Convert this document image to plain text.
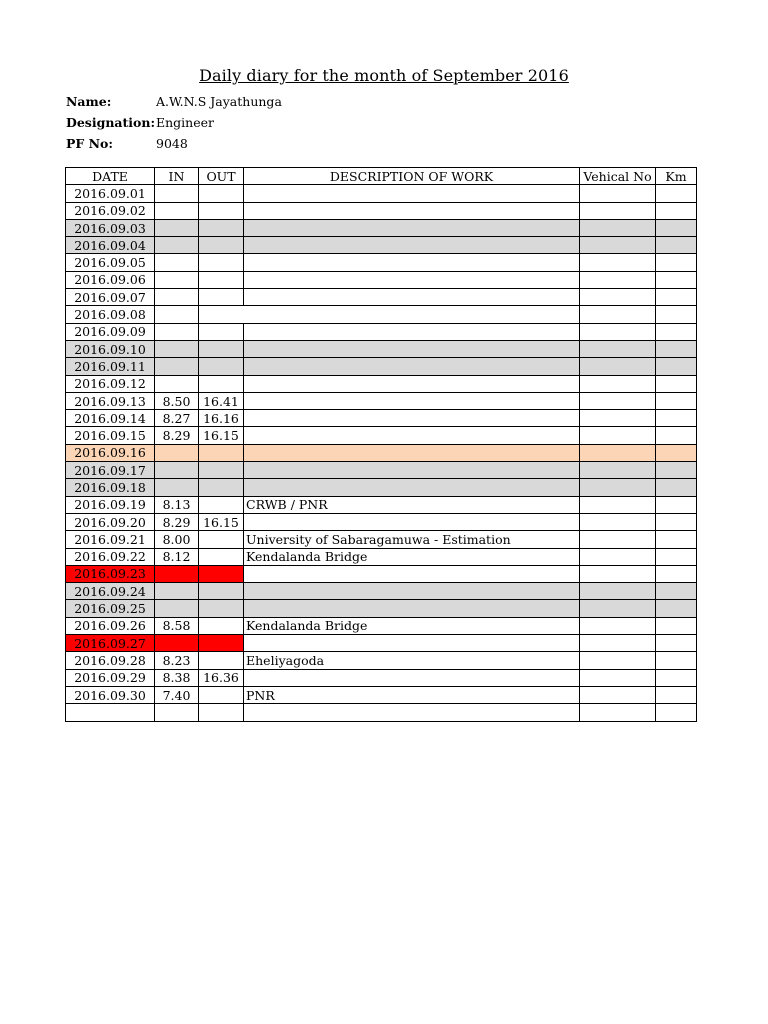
Daily diary for the month of September 2016
Name:	A.W.N.S Jayathunga
Designation: Engineer
PF No:	9048
DATE	IN	OUT	DESCRIPTION OF WORK	Vehical No	Km
2016.09.01					
2016.09.02					
2016.09.03					
2016.09.04					
2016.09.05					
2016.09.06					
2016.09.07					
2016.09.08					
2016.09.09					
2016.09.10					
2016.09.11					
2016.09.12					
2016.09.13	8.50	16.41			
2016.09.14	8.27	16.16			
2016.09.15	8.29	16.15			
2016.09.16					
2016.09.17					
2016.09.18					
2016.09.19	8.13		CRWB / PNR		
2016.09.20	8.29	16.15			
2016.09.21	8.00		University of Sabaragamuwa - Estimation		
2016.09.22	8.12		Kendalanda Bridge		
2016.09.23					
2016.09.24					
2016.09.25					
2016.09.26	8.58		Kendalanda Bridge		
2016.09.27					
2016.09.28	8.23		Eheliyagoda		
2016.09.29	8.38	16.36			
2016.09.30	7.40		PNR		
